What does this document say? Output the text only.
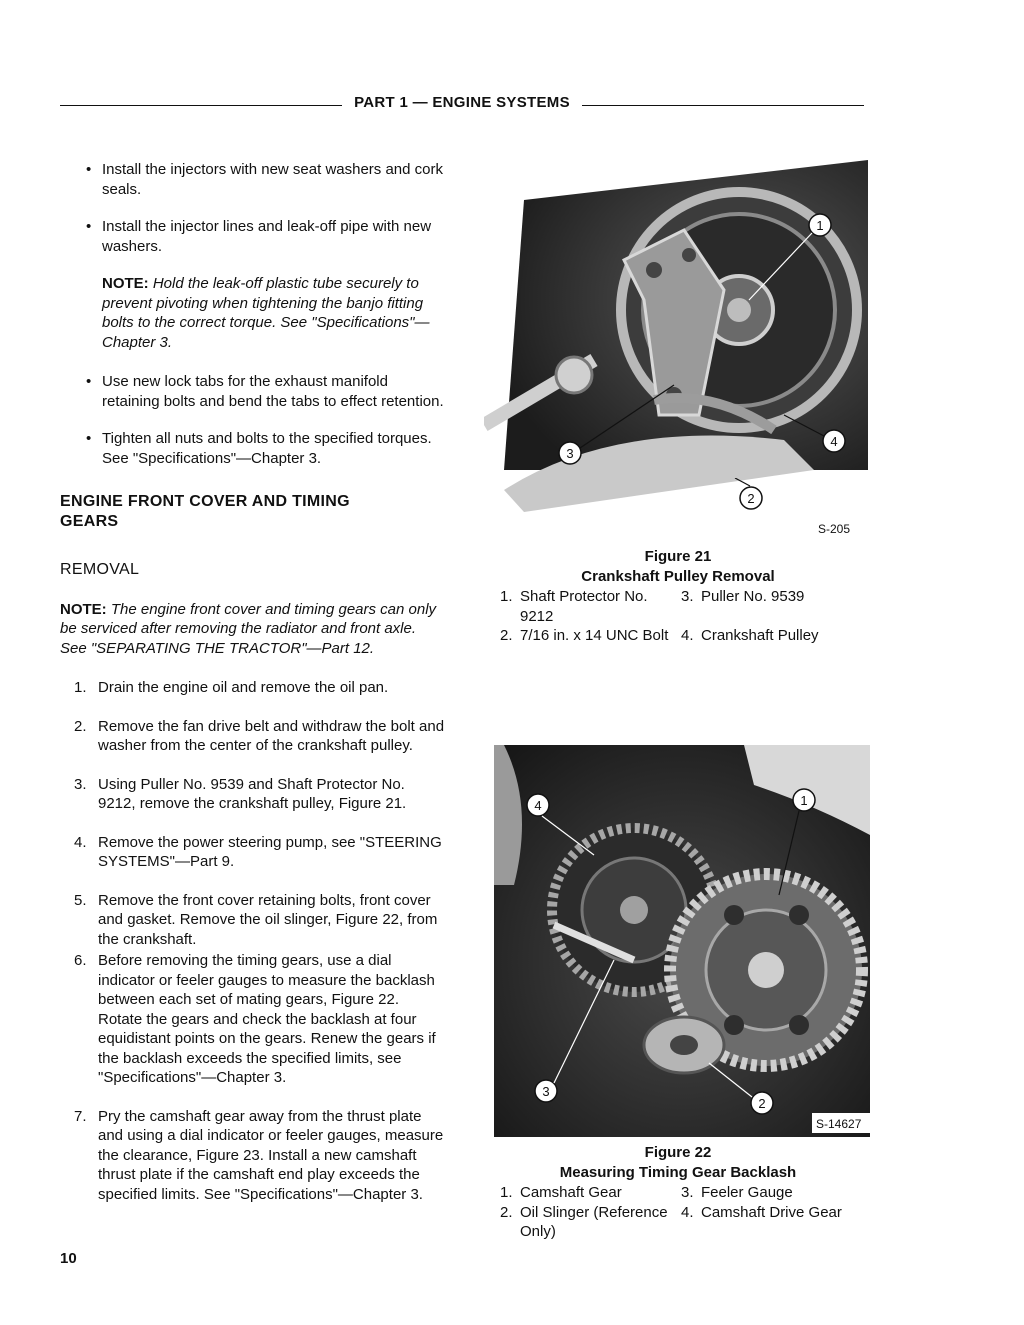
PART 1 — ENGINE SYSTEMS
• Install the injectors with new seat washers and cork seals.
• Install the injector lines and leak-off pipe with new washers.
NOTE: Hold the leak-off plastic tube securely to prevent pivoting when tightening the banjo fitting bolts to the correct torque. See "Specifications"—Chapter 3.
• Use new lock tabs for the exhaust manifold retaining bolts and bend the tabs to effect retention.
• Tighten all nuts and bolts to the specified torques. See "Specifications"—Chapter 3.
ENGINE FRONT COVER AND TIMING GEARS
REMOVAL
NOTE: The engine front cover and timing gears can only be serviced after removing the radiator and front axle. See "SEPARATING THE TRACTOR"—Part 12.
1. Drain the engine oil and remove the oil pan.
2. Remove the fan drive belt and withdraw the bolt and washer from the center of the crankshaft pulley.
3. Using Puller No. 9539 and Shaft Protector No. 9212, remove the crankshaft pulley, Figure 21.
4. Remove the power steering pump, see "STEERING SYSTEMS"—Part 9.
5. Remove the front cover retaining bolts, front cover and gasket. Remove the oil slinger, Figure 22, from the crankshaft.
6. Before removing the timing gears, use a dial indicator or feeler gauges to measure the backlash between each set of mating gears, Figure 22. Rotate the gears and check the backlash at four equidistant points on the gears. Renew the gears if the backlash exceeds the specified limits, see "Specifications"—Chapter 3.
7. Pry the camshaft gear away from the thrust plate and using a dial indicator or feeler gauges, measure the clearance, Figure 23. Install a new camshaft thrust plate if the camshaft end play exceeds the specified limits. See "Specifications"—Chapter 3.
10
1
3
4
2
S-205
Figure 21
Crankshaft Pulley Removal
1. Shaft Protector No. 9212
3. Puller No. 9539
2. 7/16 in. x 14 UNC Bolt 4. Crankshaft Pulley
4	1
3
2
S-14627
Figure 22
Measuring Timing Gear Backlash
1. Camshaft Gear	3. Feeler Gauge
2. Oil Slinger (Reference Only)
4. Camshaft Drive Gear
